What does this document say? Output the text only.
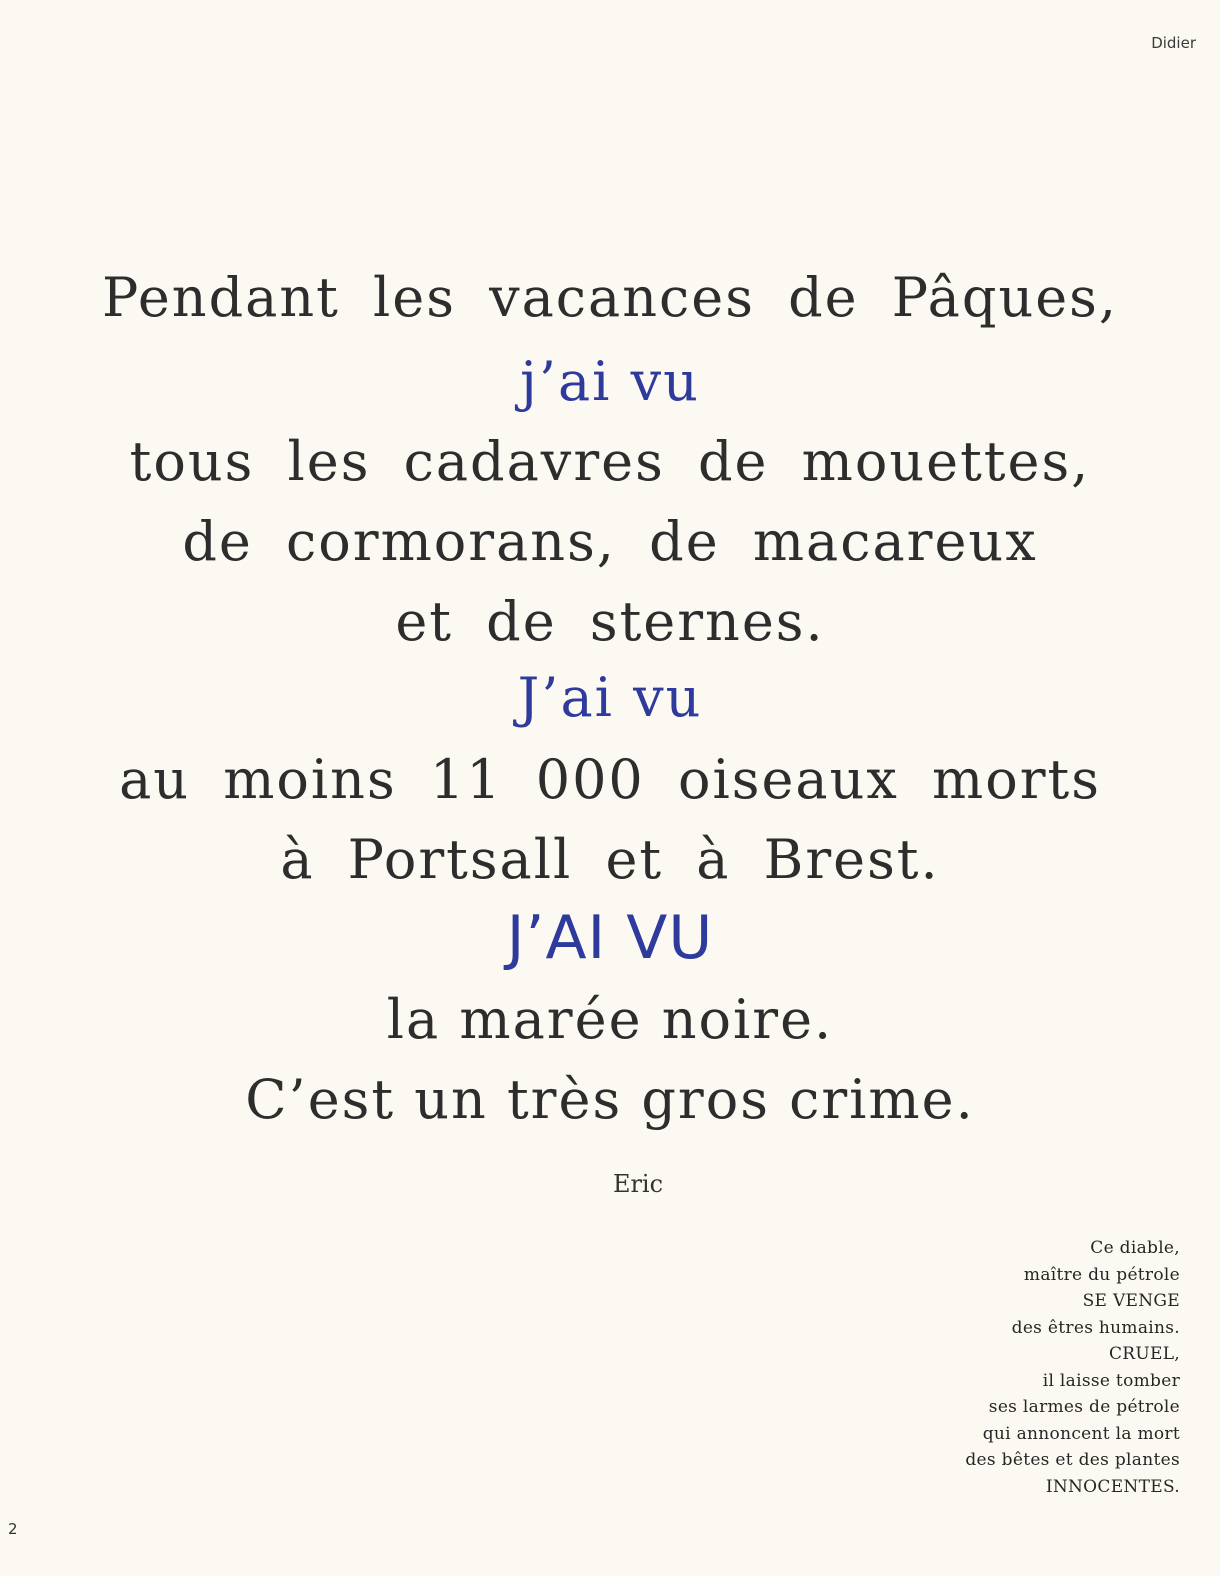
Didier
Pendant les vacances de Pâques,
j’ai vu
tous les cadavres de mouettes,
de cormorans, de macareux
et de sternes.
J’ai vu
au moins 11 000 oiseaux morts
à Portsall et à Brest.
J’AI VU
la marée noire.
C’est un très gros crime.
Eric
Ce diable,
maître du pétrole
SE VENGE
des êtres humains.
CRUEL,
il laisse tomber
ses larmes de pétrole
qui annoncent la mort
des bêtes et des plantes
INNOCENTES.
2
